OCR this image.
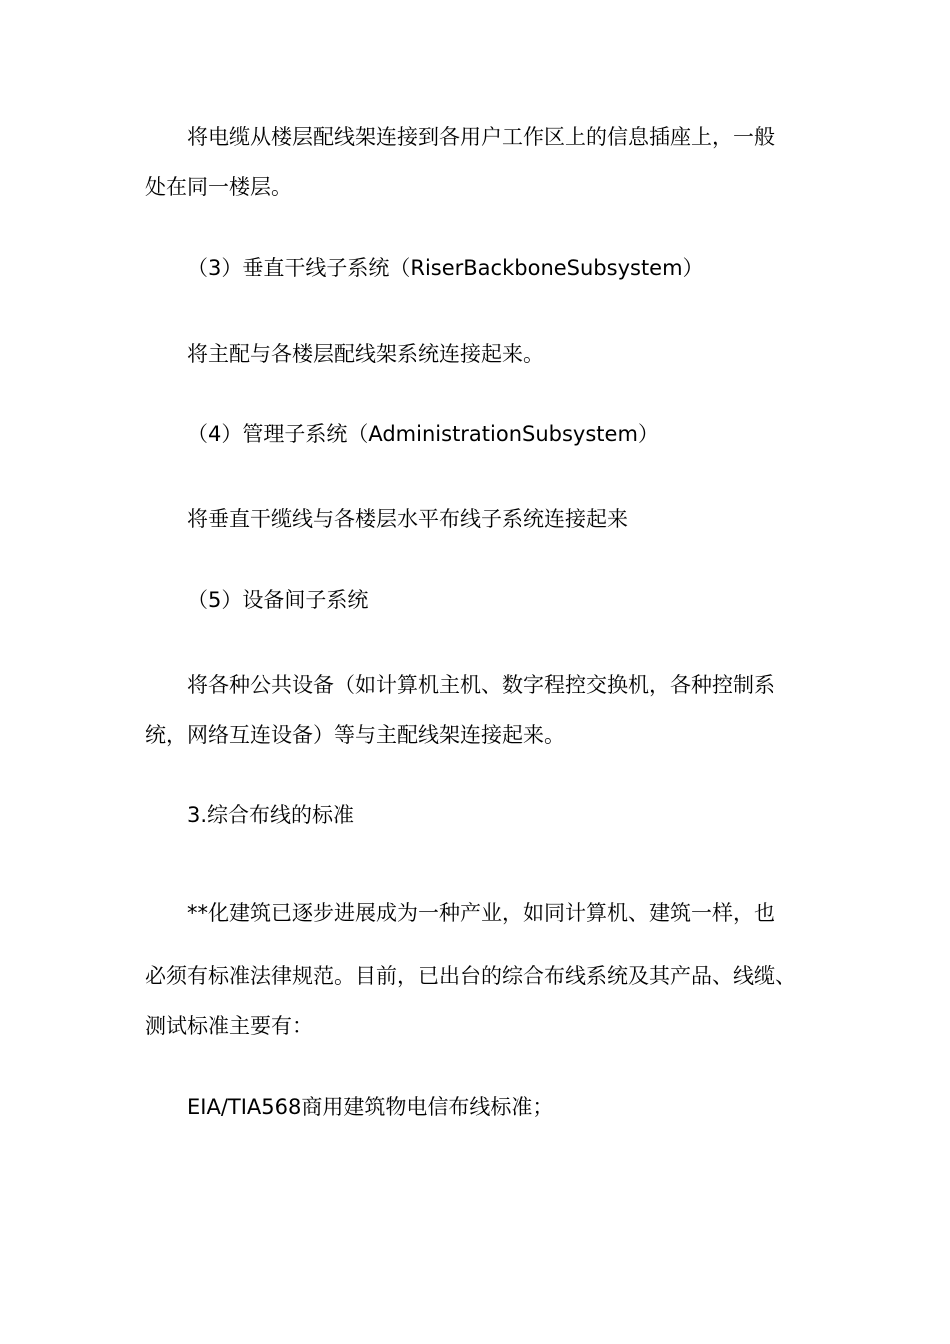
将电缆从楼层配线架连接到各用户工作区上的信息插座上，一般

处在同一楼层。

（3）垂直干线子系统（RiserBackboneSubsystem）

将主配与各楼层配线架系统连接起来。

（4）管理子系统（AdministrationSubsystem）

将垂直干缆线与各楼层水平布线子系统连接起来

（5）设备间子系统

将各种公共设备（如计算机主机、数字程控交换机，各种控制系

统，网络互连设备）等与主配线架连接起来。

3.综合布线的标准

**化建筑已逐步进展成为一种产业，如同计算机、建筑一样，也

必须有标准法律规范。目前，已出台的综合布线系统及其产品、线缆、

测试标准主要有：

EIA/TIA568商用建筑物电信布线标准；
